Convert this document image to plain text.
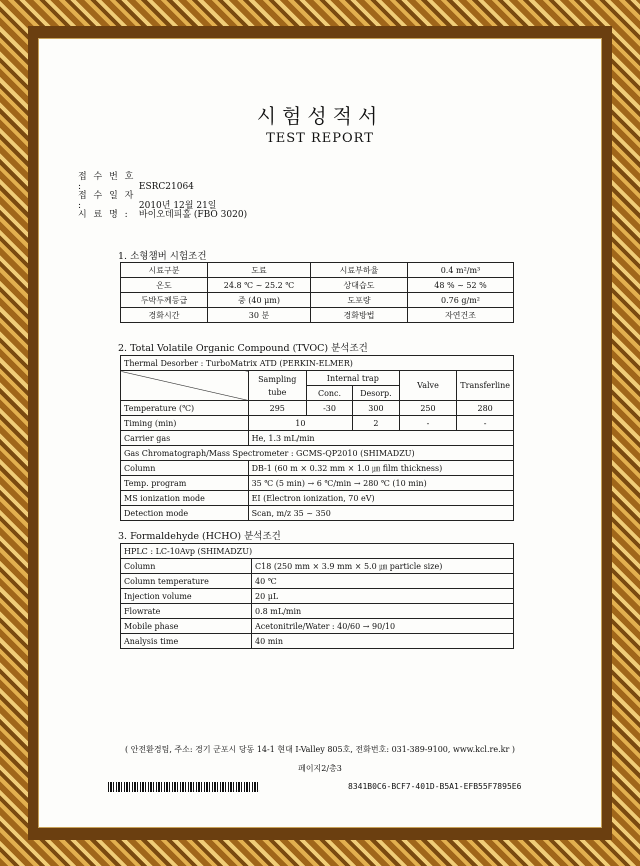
시험성적서
TEST REPORT
접 수 번 호 :	ESRC21064
접 수 일 자 :	2010년 12월 21일
시 료 명 : 바이오데피홀 (FBO 3020)
1. 소형챔버 시험조건
시료구분	도료	시료부하율	0.4 m²/m³
온도	24.8 ℃ ~ 25.2 ℃	상대습도	48 % ~ 52 %
두박두께등급	중 (40 μm)	도포량	0.76 g/m²
경화시간	30 분	경화방법	자연건조
2. Total Volatile Organic Compound (TVOC) 분석조건
Thermal Desorber : TurboMatrix ATD (PERKIN-ELMER)					
	Sampling tube	Internal trap		Valve	Transferline
		Conc.	Desorp.		
Temperature (℃)	295	-30	300	250	280
Timing (min)	10		2	-	-
Carrier gas	He, 1.3 mL/min				
Gas Chromatograph/Mass Spectrometer : GCMS-QP2010 (SHIMADZU)					
Column	DB-1 (60 m × 0.32 mm × 1.0 ㎛ film thickness)				
Temp. program	35 ℃ (5 min) → 6 ℃/min → 280 ℃ (10 min)				
MS ionization mode	EI (Electron ionization, 70 eV)				
Detection mode	Scan, m/z 35 ~ 350				
3. Formaldehyde (HCHO) 분석조건
HPLC : LC-10Avp (SHIMADZU)	
Column	C18 (250 mm × 3.9 mm × 5.0 ㎛ particle size)
Column temperature	40 ℃
Injection volume	20 μL
Flowrate	0.8 mL/min
Mobile phase	Acetonitrile/Water : 40/60 → 90/10
Analysis time	40 min
( 안전환경팀, 주소: 경기 군포시 당동 14-1 현대 I-Valley 805호, 전화번호: 031-389-9100, www.kcl.re.kr )
페이지2/총3
8341B0C6-BCF7-401D-B5A1-EFB55F7895E6
